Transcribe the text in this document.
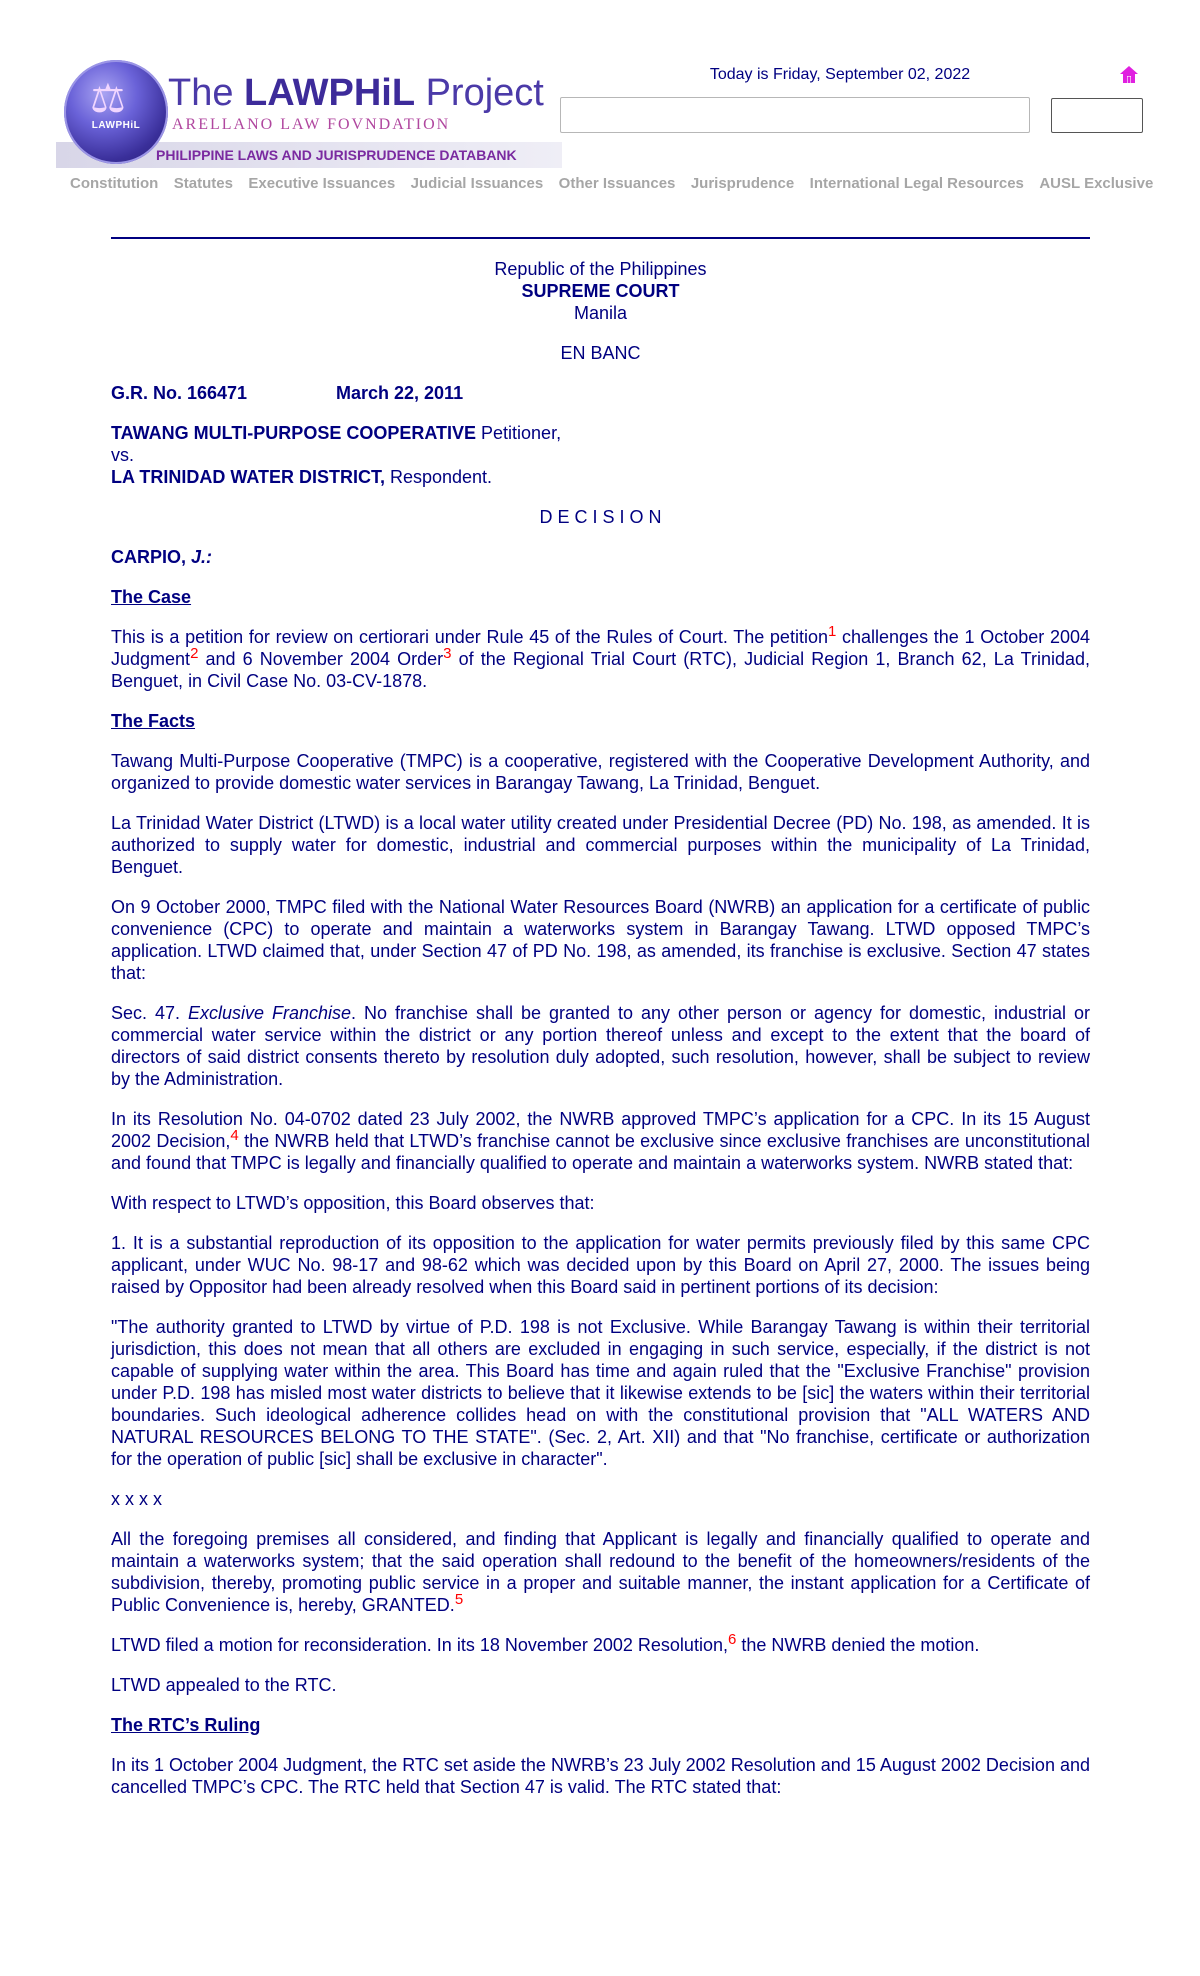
PHILIPPINE LAWS AND JURISPRUDENCE DATABANK
⚖
LAWPHiL
The LAWPHiL Project
ARELLANO LAW FOVNDATION
Today is Friday, September 02, 2022
Constitution Statutes Executive Issuances Judicial Issuances Other Issuances Jurisprudence International Legal Resources AUSL Exclusive
Republic of the Philippines
SUPREME COURT
Manila

EN BANC

G.R. No. 166471	March 22, 2011

TAWANG MULTI-PURPOSE COOPERATIVE Petitioner,
vs.
LA TRINIDAD WATER DISTRICT, Respondent.

D E C I S I O N

CARPIO, J.:

The Case

This is a petition for review on certiorari under Rule 45 of the Rules of Court. The petition$^1$ challenges the 1 October 2004 Judgment$^2$ and 6 November 2004 Order$^3$ of the Regional Trial Court (RTC), Judicial Region 1, Branch 62, La Trinidad, Benguet, in Civil Case No. 03-CV-1878.

The Facts

Tawang Multi-Purpose Cooperative (TMPC) is a cooperative, registered with the Cooperative Development Authority, and organized to provide domestic water services in Barangay Tawang, La Trinidad, Benguet.

La Trinidad Water District (LTWD) is a local water utility created under Presidential Decree (PD) No. 198, as amended. It is authorized to supply water for domestic, industrial and commercial purposes within the municipality of La Trinidad, Benguet.

On 9 October 2000, TMPC filed with the National Water Resources Board (NWRB) an application for a certificate of public convenience (CPC) to operate and maintain a waterworks system in Barangay Tawang. LTWD opposed TMPC’s application. LTWD claimed that, under Section 47 of PD No. 198, as amended, its franchise is exclusive. Section 47 states that:

Sec. 47. Exclusive Franchise. No franchise shall be granted to any other person or agency for domestic, industrial or commercial water service within the district or any portion thereof unless and except to the extent that the board of directors of said district consents thereto by resolution duly adopted, such resolution, however, shall be subject to review by the Administration.

In its Resolution No. 04-0702 dated 23 July 2002, the NWRB approved TMPC’s application for a CPC. In its 15 August 2002 Decision,$^4$ the NWRB held that LTWD’s franchise cannot be exclusive since exclusive franchises are unconstitutional and found that TMPC is legally and financially qualified to operate and maintain a waterworks system. NWRB stated that:

With respect to LTWD’s opposition, this Board observes that:

1. It is a substantial reproduction of its opposition to the application for water permits previously filed by this same CPC applicant, under WUC No. 98-17 and 98-62 which was decided upon by this Board on April 27, 2000. The issues being raised by Oppositor had been already resolved when this Board said in pertinent portions of its decision:

"The authority granted to LTWD by virtue of P.D. 198 is not Exclusive. While Barangay Tawang is within their territorial jurisdiction, this does not mean that all others are excluded in engaging in such service, especially, if the district is not capable of supplying water within the area. This Board has time and again ruled that the "Exclusive Franchise" provision under P.D. 198 has misled most water districts to believe that it likewise extends to be [sic] the waters within their territorial boundaries. Such ideological adherence collides head on with the constitutional provision that "ALL WATERS AND NATURAL RESOURCES BELONG TO THE STATE". (Sec. 2, Art. XII) and that "No franchise, certificate or authorization for the operation of public [sic] shall be exclusive in character".

x x x x

All the foregoing premises all considered, and finding that Applicant is legally and financially qualified to operate and maintain a waterworks system; that the said operation shall redound to the benefit of the homeowners/residents of the subdivision, thereby, promoting public service in a proper and suitable manner, the instant application for a Certificate of Public Convenience is, hereby, GRANTED.$^5$

LTWD filed a motion for reconsideration. In its 18 November 2002 Resolution,$^6$ the NWRB denied the motion.

LTWD appealed to the RTC.

The RTC’s Ruling

In its 1 October 2004 Judgment, the RTC set aside the NWRB’s 23 July 2002 Resolution and 15 August 2002 Decision and cancelled TMPC’s CPC. The RTC held that Section 47 is valid. The RTC stated that:
